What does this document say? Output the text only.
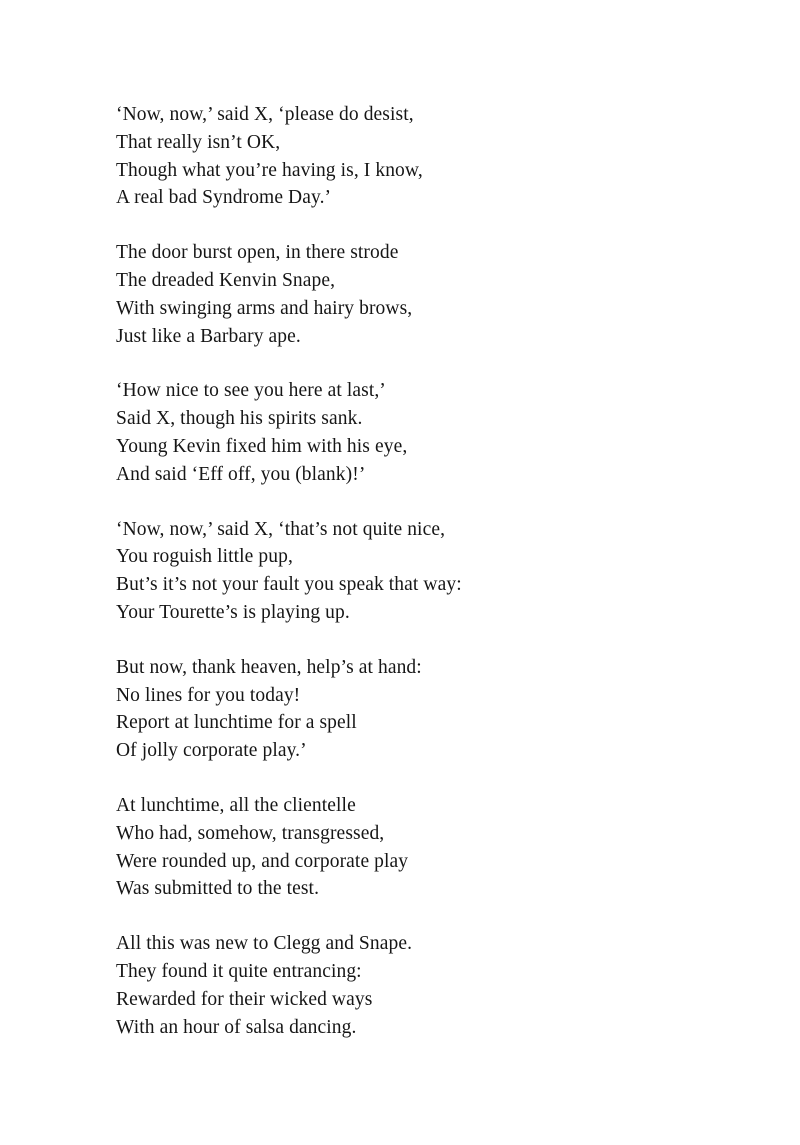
‘Now, now,’ said X, ‘please do desist,
That really isn’t OK,
Though what you’re having is, I know,
A real bad Syndrome Day.’
The door burst open, in there strode
The dreaded Kenvin Snape,
With swinging arms and hairy brows,
Just like a Barbary ape.
‘How nice to see you here at last,’
Said X, though his spirits sank.
Young Kevin fixed him with his eye,
And said ‘Eff off, you (blank)!’
‘Now, now,’ said X, ‘that’s not quite nice,
You roguish little pup,
But’s it’s not your fault you speak that way:
Your Tourette’s is playing up.
But now, thank heaven, help’s at hand:
No lines for you today!
Report at lunchtime for a spell
Of jolly corporate play.’
At lunchtime, all the clientelle
Who had, somehow, transgressed,
Were rounded up, and corporate play
Was submitted to the test.
All this was new to Clegg and Snape.
They found it quite entrancing:
Rewarded for their wicked ways
With an hour of salsa dancing.
